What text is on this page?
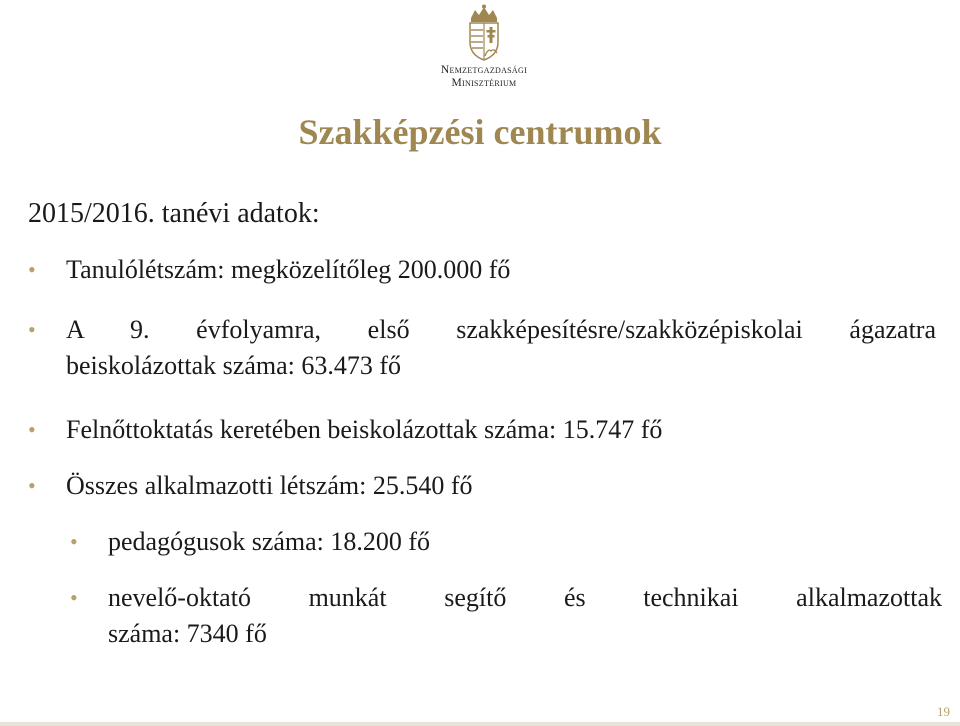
Nemzetgazdasági
Minisztérium
Szakképzési centrumok
2015/2016. tanévi adatok:
• Tanulólétszám: megközelítőleg 200.000 fő
• A 9. évfolyamra, első szakképesítésre/szakközépiskolai ágazatra
beiskolázottak száma: 63.473 fő
• Felnőttoktatás keretében beiskolázottak száma: 15.747 fő
• Összes alkalmazotti létszám: 25.540 fő
• pedagógusok száma: 18.200 fő
• nevelő-oktató munkát segítő és technikai alkalmazottak
száma: 7340 fő
19
